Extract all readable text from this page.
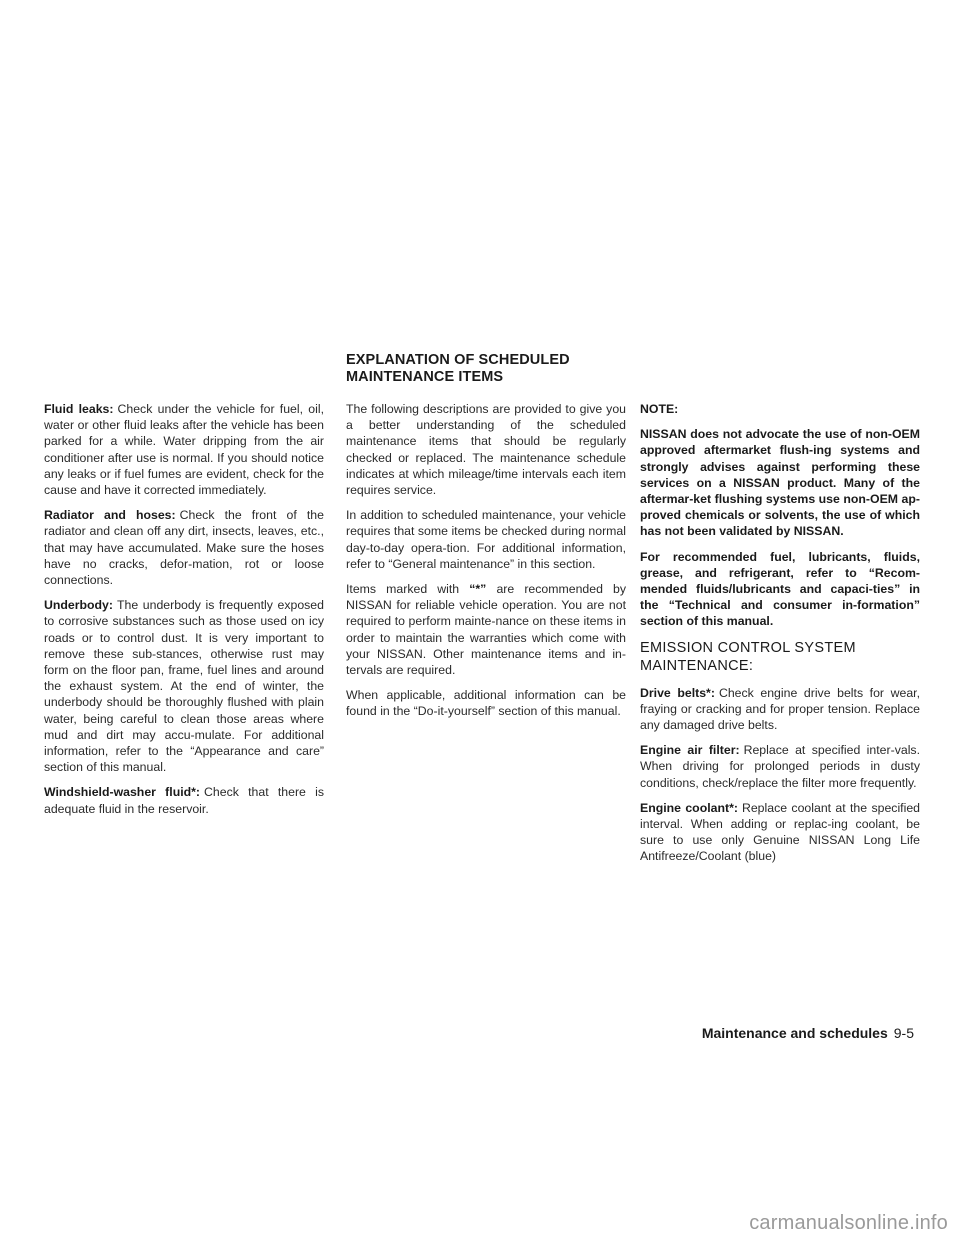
EXPLANATION OF SCHEDULED
MAINTENANCE ITEMS

Fluid leaks: Check under the vehicle for fuel, oil, water or other fluid leaks after the vehicle has been parked for a while. Water dripping from the air conditioner after use is normal. If you should notice any leaks or if fuel fumes are evident, check for the cause and have it corrected immediately.

Radiator and hoses: Check the front of the radiator and clean off any dirt, insects, leaves, etc., that may have accumulated. Make sure the hoses have no cracks, defor-mation, rot or loose connections.

Underbody: The underbody is frequently exposed to corrosive substances such as those used on icy roads or to control dust. It is very important to remove these sub-stances, otherwise rust may form on the floor pan, frame, fuel lines and around the exhaust system. At the end of winter, the underbody should be thoroughly flushed with plain water, being careful to clean those areas where mud and dirt may accu-mulate. For additional information, refer to the “Appearance and care” section of this manual.

Windshield-washer fluid*: Check that there is adequate fluid in the reservoir.

The following descriptions are provided to give you a better understanding of the scheduled maintenance items that should be regularly checked or replaced. The maintenance schedule indicates at which mileage/time intervals each item requires service.

In addition to scheduled maintenance, your vehicle requires that some items be checked during normal day-to-day opera-tion. For additional information, refer to “General maintenance” in this section.

Items marked with “*” are recommended by NISSAN for reliable vehicle operation. You are not required to perform mainte-nance on these items in order to maintain the warranties which come with your NISSAN. Other maintenance items and in-tervals are required.

When applicable, additional information can be found in the “Do-it-yourself” section of this manual.

NOTE:

NISSAN does not advocate the use of non-OEM approved aftermarket flush-ing systems and strongly advises against performing these services on a NISSAN product. Many of the aftermar-ket flushing systems use non-OEM ap-proved chemicals or solvents, the use of which has not been validated by NISSAN.

For recommended fuel, lubricants, fluids, grease, and refrigerant, refer to “Recom-mended fluids/lubricants and capaci-ties” in the “Technical and consumer in-formation” section of this manual.

EMISSION CONTROL SYSTEM
MAINTENANCE:

Drive belts*: Check engine drive belts for wear, fraying or cracking and for proper tension. Replace any damaged drive belts.

Engine air filter: Replace at specified inter-vals. When driving for prolonged periods in dusty conditions, check/replace the filter more frequently.

Engine coolant*: Replace coolant at the specified interval. When adding or replac-ing coolant, be sure to use only Genuine NISSAN Long Life Antifreeze/Coolant (blue)

Maintenance and schedules 9-5
carmanualsonline.info
